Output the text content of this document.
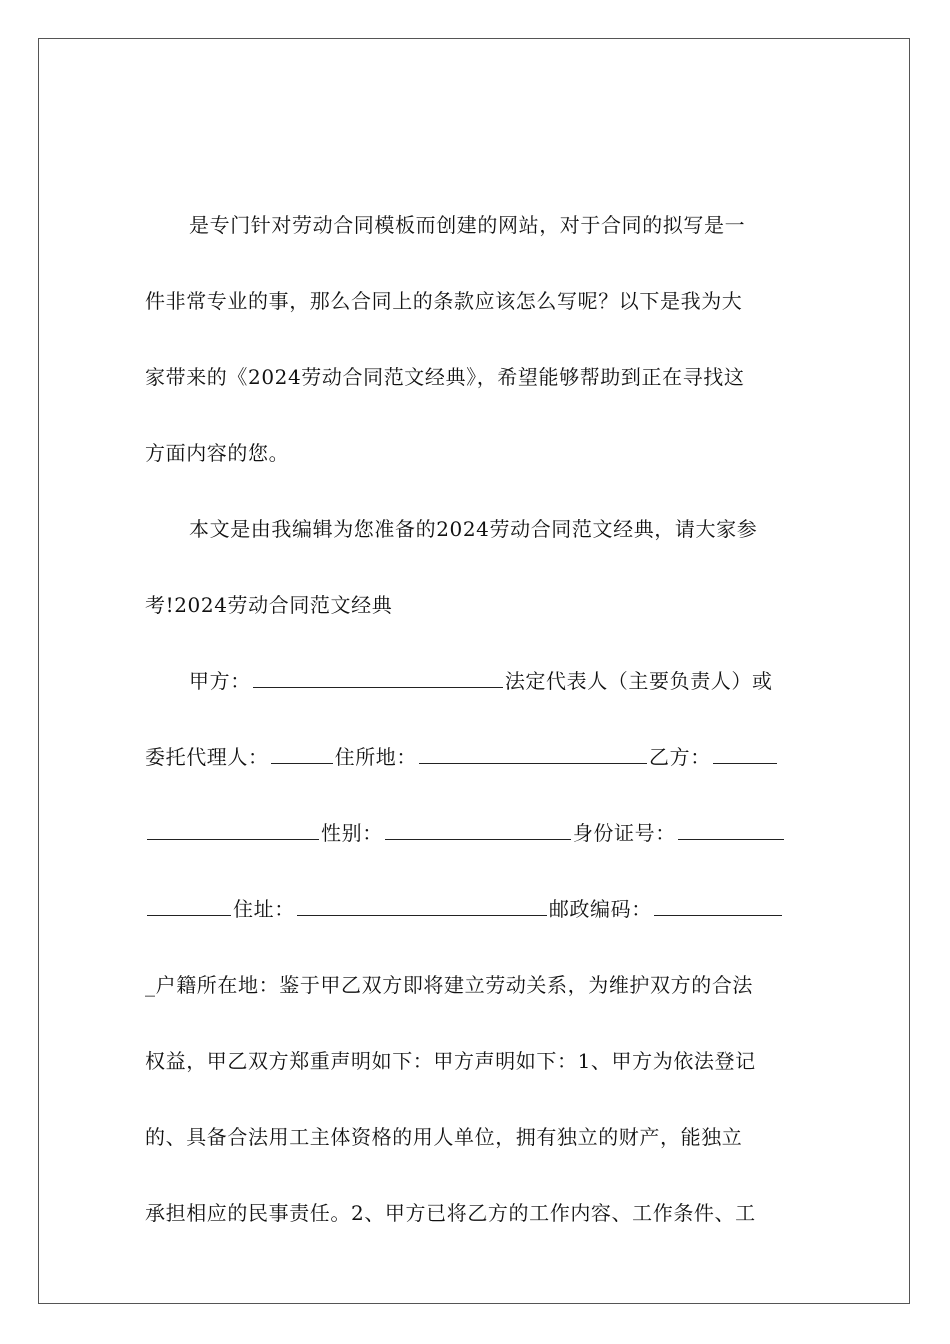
是专门针对劳动合同模板而创建的网站，对于合同的拟写是一
件非常专业的事，那么合同上的条款应该怎么写呢？以下是我为大
家带来的《2024劳动合同范文经典》，希望能够帮助到正在寻找这
方面内容的您。
本文是由我编辑为您准备的2024劳动合同范文经典，请大家参
考!2024劳动合同范文经典
甲方：	法定代表人（主要负责人）或
委托代理人：	住所地：	乙方：
性别：	身份证号：
住址：	邮政编码：
_户籍所在地：鉴于甲乙双方即将建立劳动关系，为维护双方的合法
权益，甲乙双方郑重声明如下：甲方声明如下：1、甲方为依法登记
的、具备合法用工主体资格的用人单位，拥有独立的财产，能独立
承担相应的民事责任。2、甲方已将乙方的工作内容、工作条件、工
